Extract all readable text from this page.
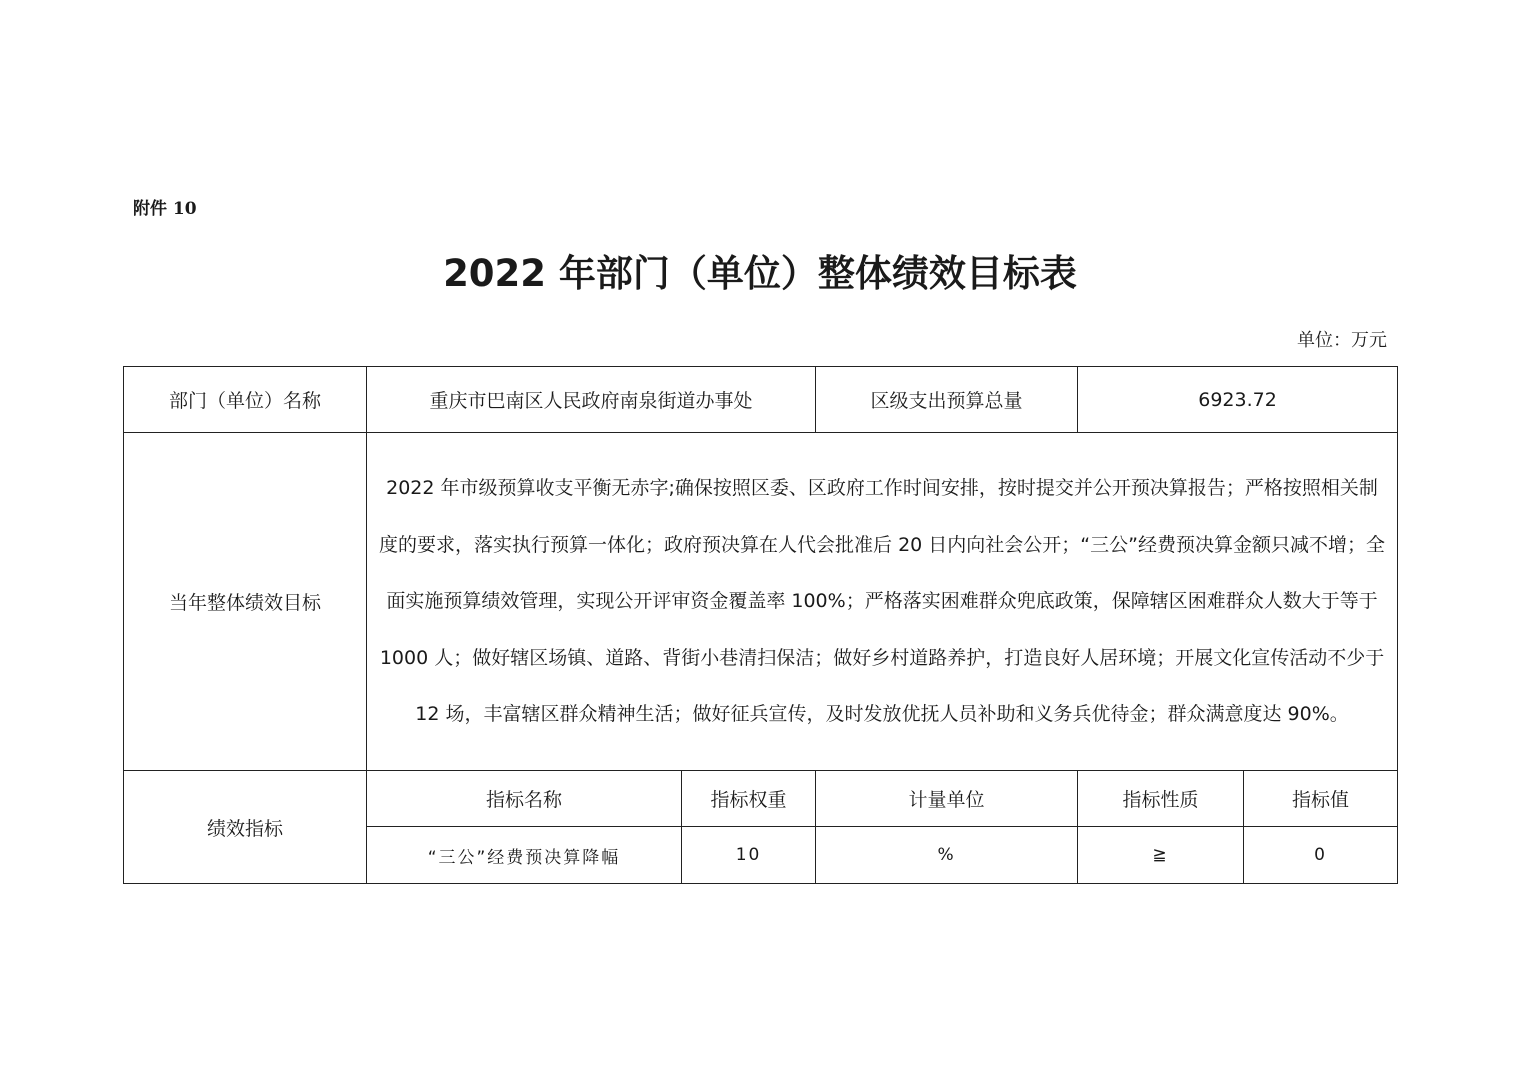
附件 10
2022 年部门（单位）整体绩效目标表
单位：万元
部门（单位）名称	重庆市巴南区人民政府南泉街道办事处		区级支出预算总量	6923.72	
当年整体绩效目标	2022 年市级预算收支平衡无赤字;确保按照区委、区政府工作时间安排，按时提交并公开预决算报告；严格按照相关制度的要求，落实执行预算一体化；政府预决算在人代会批准后 20 日内向社会公开；“三公”经费预决算金额只减不增；全面实施预算绩效管理，实现公开评审资金覆盖率 100%；严格落实困难群众兜底政策，保障辖区困难群众人数大于等于 1000 人；做好辖区场镇、道路、背街小巷清扫保洁；做好乡村道路养护，打造良好人居环境；开展文化宣传活动不少于 12 场，丰富辖区群众精神生活；做好征兵宣传，及时发放优抚人员补助和义务兵优待金；群众满意度达 90%。				
绩效指标	指标名称	指标权重	计量单位	指标性质	指标值
	“三公”经费预决算降幅	10	%	≧	0
